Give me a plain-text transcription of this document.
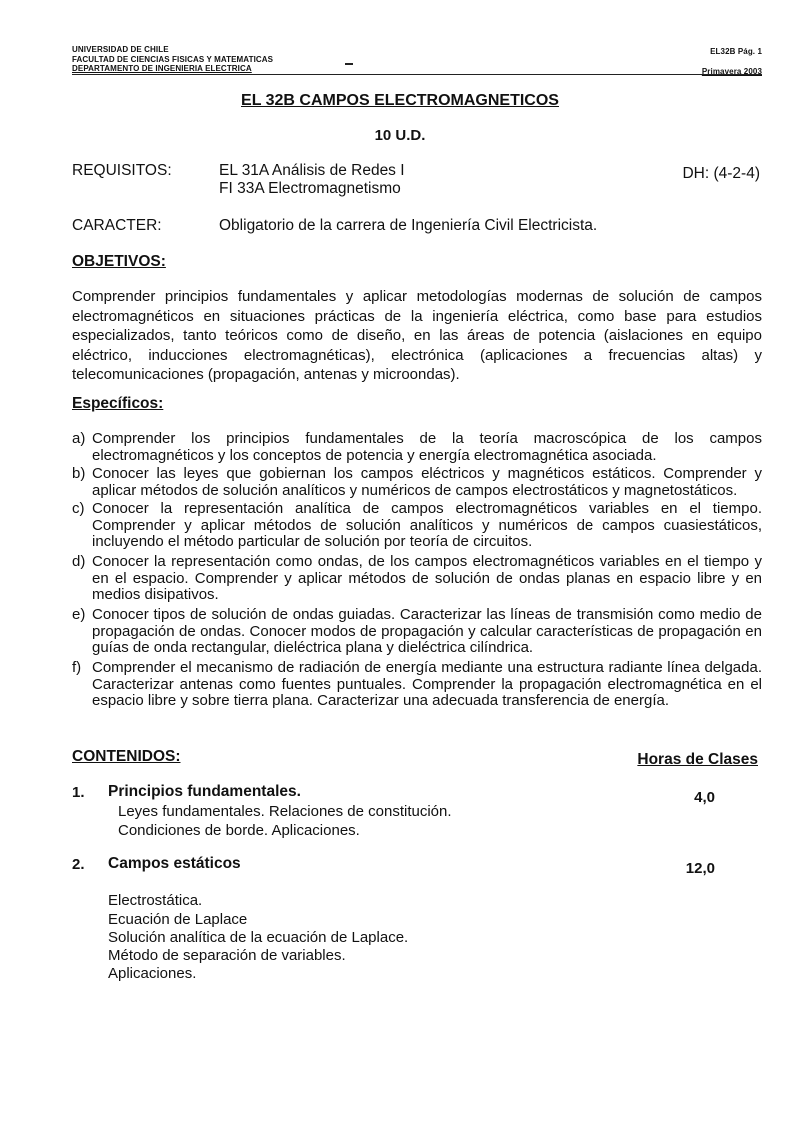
UNIVERSIDAD DE CHILE
FACULTAD DE CIENCIAS FISICAS Y MATEMATICAS
DEPARTAMENTO DE INGENIERIA ELECTRICA
EL32B Pág. 1
Primavera 2003
EL 32B CAMPOS ELECTROMAGNETICOS
10 U.D.
REQUISITOS:	EL 31A Análisis de Redes I
FI 33A Electromagnetismo
DH: (4-2-4)
CARACTER:	Obligatorio de la carrera de Ingeniería Civil Electricista.
OBJETIVOS:
Comprender principios fundamentales y aplicar metodologías modernas de solución de campos electromagnéticos en situaciones prácticas de la ingeniería eléctrica, como base para estudios especializados, tanto teóricos como de diseño, en las áreas de potencia (aislaciones en equipo eléctrico, inducciones electromagnéticas), electrónica (aplicaciones a frecuencias altas) y telecomunicaciones (propagación, antenas y microondas).
Específicos:
a) Comprender los principios fundamentales de la teoría macroscópica de los campos electromagnéticos y los conceptos de potencia y energía electromagnética asociada.
b) Conocer las leyes que gobiernan los campos eléctricos y magnéticos estáticos. Comprender y aplicar métodos de solución analíticos y numéricos de campos electrostáticos y magnetostáticos.
c) Conocer la representación analítica de campos electromagnéticos variables en el tiempo. Comprender y aplicar métodos de solución analíticos y numéricos de campos cuasiestáticos, incluyendo el método particular de solución por teoría de circuitos.
d) Conocer la representación como ondas, de los campos electromagnéticos variables en el tiempo y en el espacio. Comprender y aplicar métodos de solución de ondas planas en espacio libre y en medios disipativos.
e) Conocer tipos de solución de ondas guiadas. Caracterizar las líneas de transmisión como medio de propagación de ondas. Conocer modos de propagación y calcular características de propagación en guías de onda rectangular, dieléctrica plana y dieléctrica cilíndrica.
f) Comprender el mecanismo de radiación de energía mediante una estructura radiante línea delgada. Caracterizar antenas como fuentes puntuales. Comprender la propagación electromagnética en el espacio libre y sobre tierra plana. Caracterizar una adecuada transferencia de energía.
CONTENIDOS:	Horas de Clases
1. Principios fundamentales.	4,0
Leyes fundamentales. Relaciones de constitución.
Condiciones de borde. Aplicaciones.
2. Campos estáticos	12,0
Electrostática.
Ecuación de Laplace
Solución analítica de la ecuación de Laplace.
Método de separación de variables.
Aplicaciones.
